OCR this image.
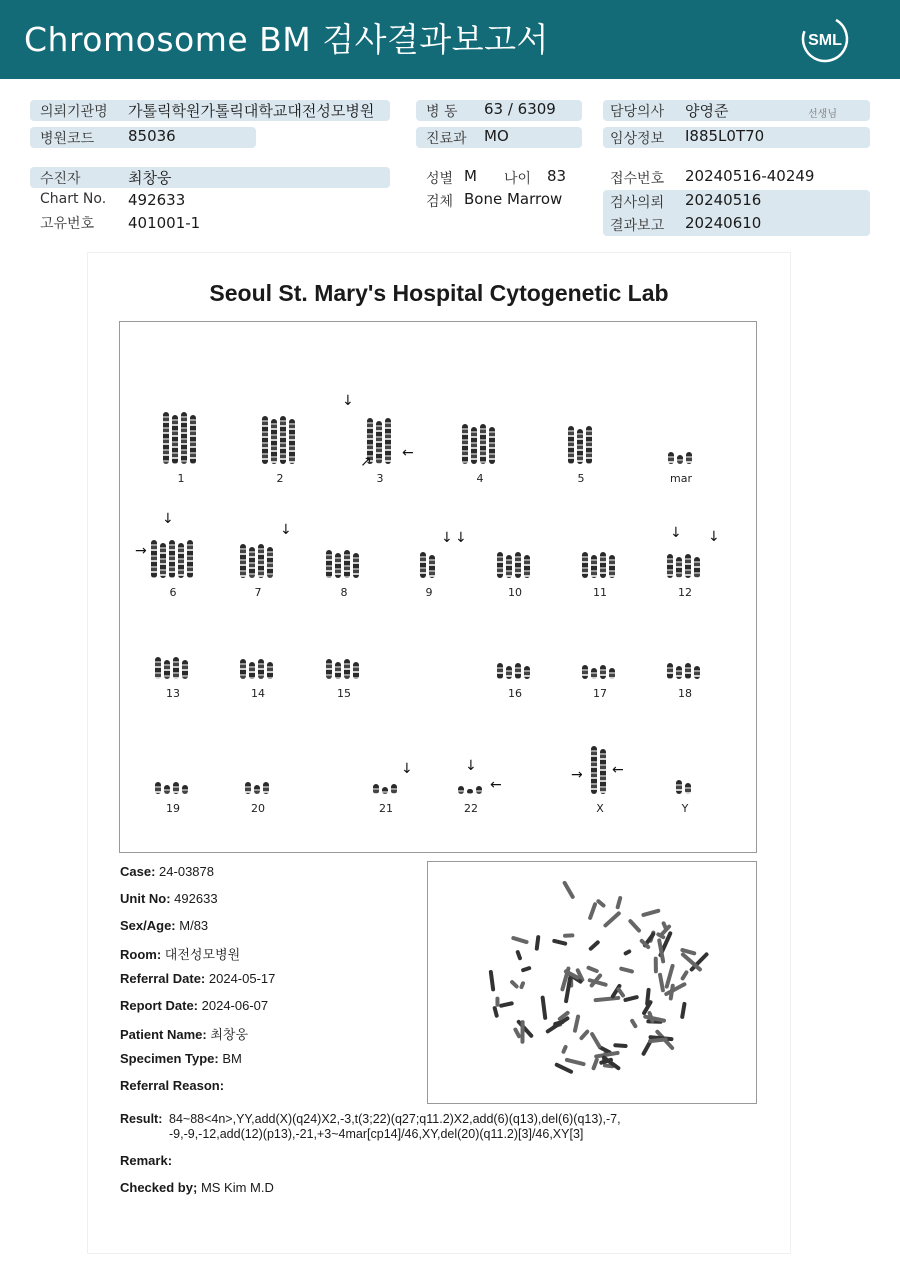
Chromosome BM 검사결과보고서	SML
의뢰기관명 가톨릭학원가톨릭대학교대전성모병원	병 동 63 / 6309	담당의사 양영준	선생님
병원코드 85036	진료과 MO	임상정보 I885L0T70
수진자	최창웅	성별 M 나이 83	접수번호 20240516-40249
Chart No. 492633
고유번호 401001-1
검체 Bone Marrow	검사의뢰 20240516
결과보고 20240610
Seoul St. Mary's Hospital Cytogenetic Lab
1	2	3	4	5	mar
6	7	8	9	10	11	12
13	14	15	16	17	18
19	20	21	22	X	Y
↓
↗
←
↓
→
↓	↓ ↓	↓ ↓
↓	↓
←
→ ←
Case: 24-03878
Unit No: 492633
Sex/Age: M/83
Room: 대전성모병원
Referral Date: 2024-05-17
Report Date: 2024-06-07
Patient Name: 최창웅
Specimen Type: BM
Referral Reason:
Result: 84~88<4n>,YY,add(X)(q24)X2,-3,t(3;22)(q27;q11.2)X2,add(6)(q13),del(6)(q13),-7,
-9,-9,-12,add(12)(p13),-21,+3~4mar[cp14]/46,XY,del(20)(q11.2)[3]/46,XY[3]
Remark:
Checked by; MS Kim M.D
